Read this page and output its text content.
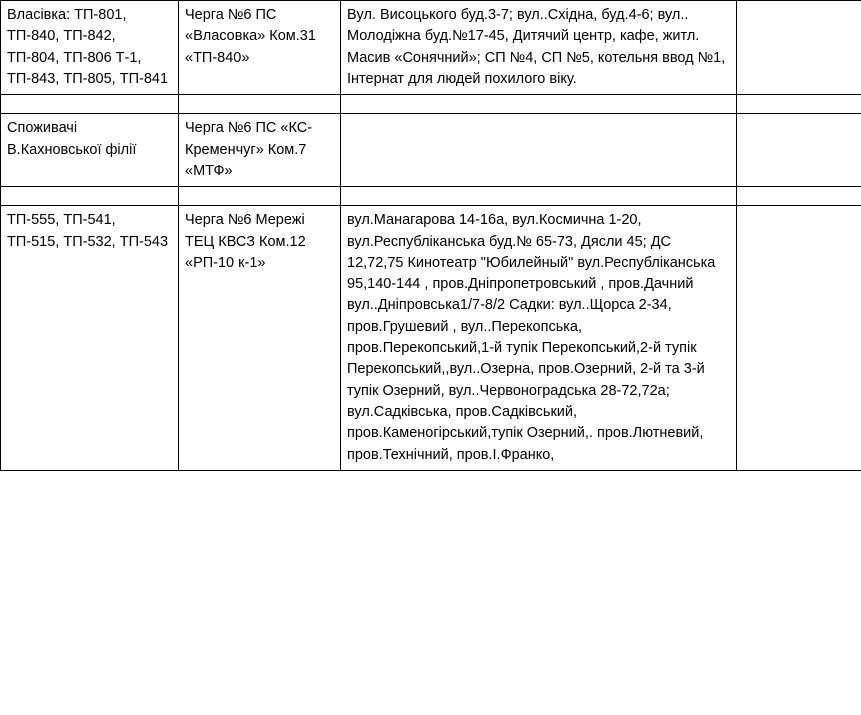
Власівка: ТП-801, ТП-840, ТП-842, ТП-804, ТП-806 Т-1, ТП-843, ТП-805, ТП-841	Черга №6 ПС «Власовка» Ком.31 «ТП-840»	Вул. Висоцького буд.3-7; вул..Східна, буд.4-6; вул.. Молодіжна буд.№17-45, Дитячий центр, кафе, житл. Масив «Сонячний»; СП №4, СП №5, котельня ввод №1, Інтернат для людей похилого віку.	

Споживачі В.Кахновської філії	Черга №6 ПС «КС-Кременчуг» Ком.7 «МТФ»		

ТП-555, ТП-541, ТП-515, ТП-532, ТП-543	Черга №6 Мережі ТЕЦ КВСЗ Ком.12 «РП-10 к-1»	вул.Манагарова 14-16а, вул.Космична 1-20, вул.Республіканська буд.№ 65-73, Дясли 45; ДС 12,72,75 Кинотеатр "Юбилейный" вул.Республіканська 95,140-144 , пров.Дніпропетровський , пров.Дачний вул..Дніпровська1/7-8/2 Садки: вул..Щорса 2-34, пров.Грушевий , вул..Перекопська, пров.Перекопський,1-й тупік Перекопський,2-й тупік Перекопський,,вул..Озерна, пров.Озерний, 2-й та 3-й тупік Озерний, вул..Червоноградська 28-72,72а; вул.Садківська, пров.Садківський, пров.Каменогірський,тупік Озерний,. пров.Лютневий, пров.Технічний, пров.І.Франко,	
